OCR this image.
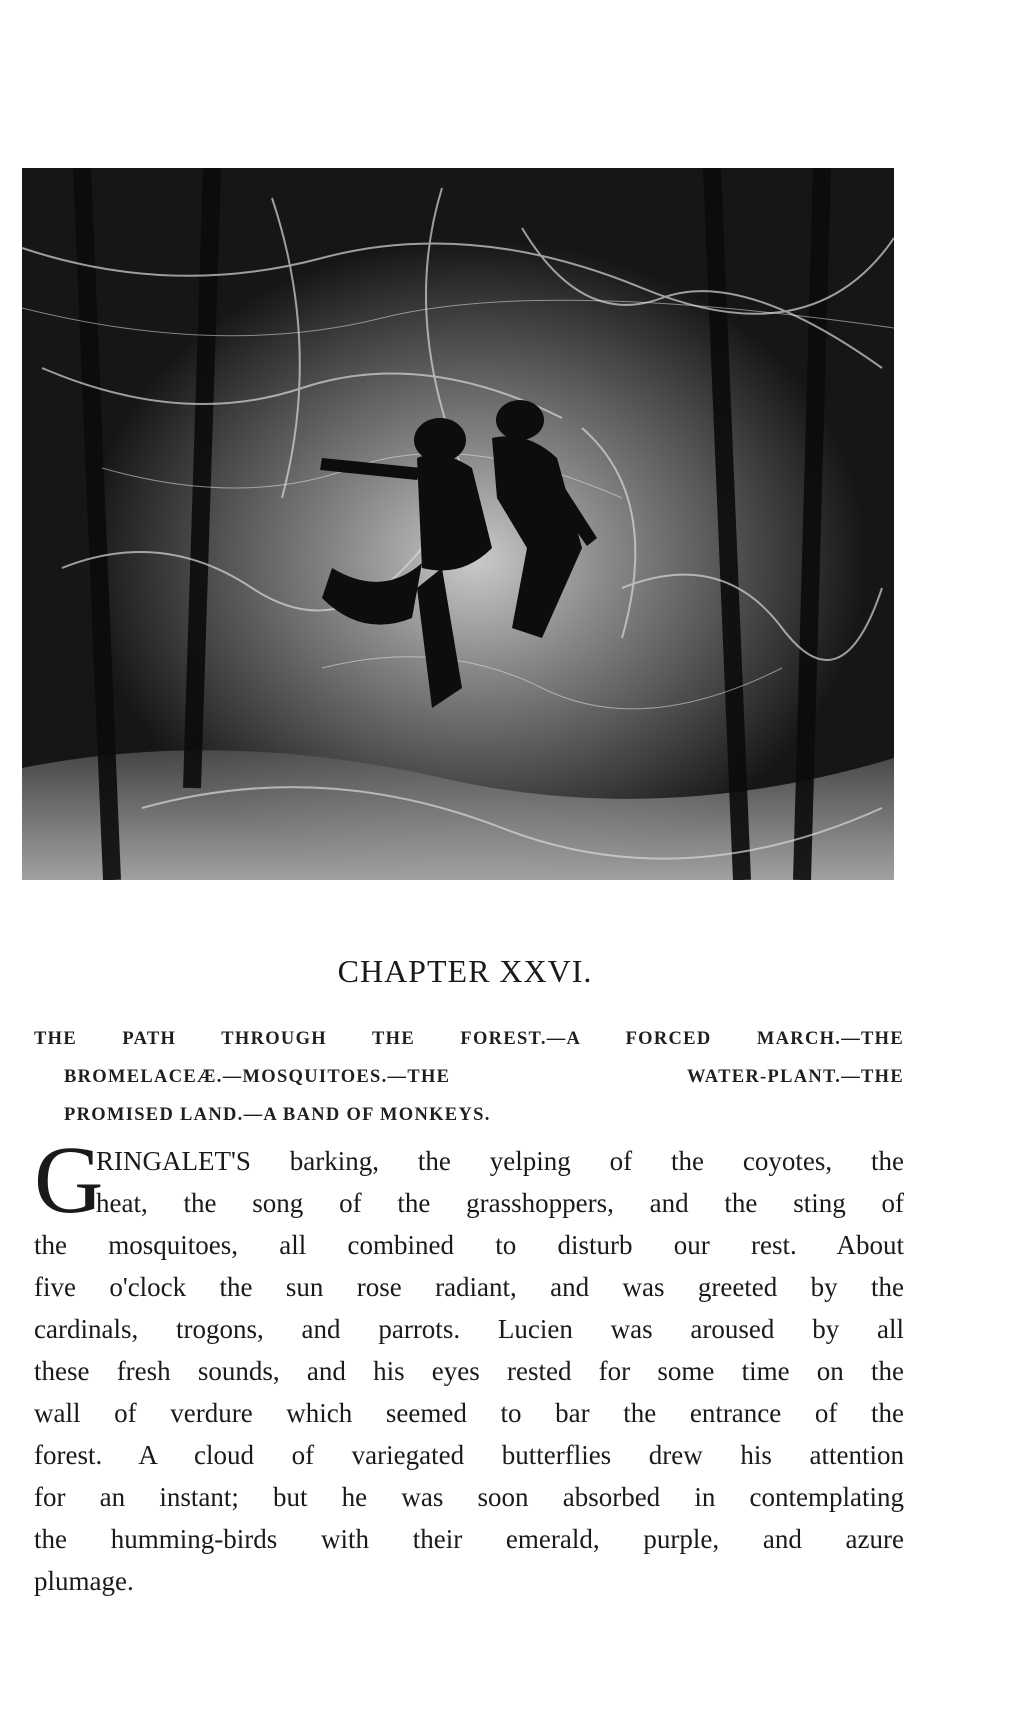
CHAPTER XXVI.

THE PATH THROUGH THE FOREST.—A FORCED MARCH.—THE
BROMELACEÆ.—MOSQUITOES.—THE WATER-PLANT.—THE
PROMISED LAND.—A BAND OF MONKEYS.

G

RINGALET'S barking, the yelping of the coyotes, the
heat, the song of the grasshoppers, and the sting of
the mosquitoes, all combined to disturb our rest. About
five o'clock the sun rose radiant, and was greeted by the
cardinals, trogons, and parrots. Lucien was aroused by all
these fresh sounds, and his eyes rested for some time on the
wall of verdure which seemed to bar the entrance of the
forest. A cloud of variegated butterflies drew his attention
for an instant; but he was soon absorbed in contemplating
the humming-birds with their emerald, purple, and azure
plumage.
